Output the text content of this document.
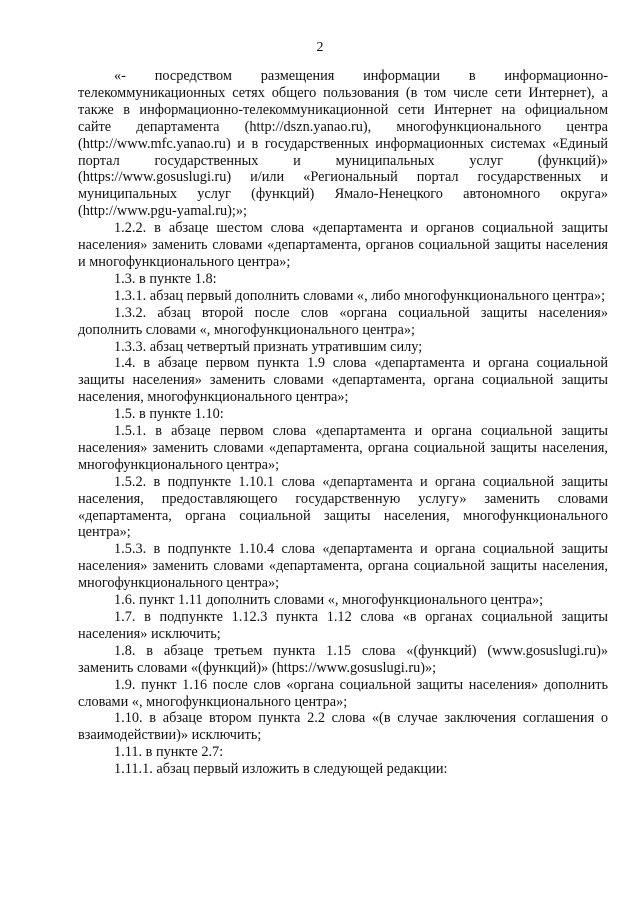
2

«- посредством размещения информации в информационно-телекоммуникационных сетях общего пользования (в том числе сети Интернет), а также в информационно-телекоммуникационной сети Интернет на официальном сайте департамента (http://dszn.yanao.ru), многофункционального центра (http://www.mfc.yanao.ru) и в государственных информационных системах «Единый портал государственных и муниципальных услуг (функций)» (https://www.gosuslugi.ru) и/или «Региональный портал государственных и муниципальных услуг (функций) Ямало-Ненецкого автономного округа» (http://www.pgu-yamal.ru);»;

1.2.2. в абзаце шестом слова «департамента и органов социальной защиты населения» заменить словами «департамента, органов социальной защиты населения и многофункционального центра»;

1.3. в пункте 1.8:

1.3.1. абзац первый дополнить словами «, либо многофункционального центра»;

1.3.2. абзац второй после слов «органа социальной защиты населения» дополнить словами «, многофункционального центра»;

1.3.3. абзац четвертый признать утратившим силу;

1.4. в абзаце первом пункта 1.9 слова «департамента и органа социальной защиты населения» заменить словами «департамента, органа социальной защиты населения, многофункционального центра»;

1.5. в пункте 1.10:

1.5.1. в абзаце первом слова «департамента и органа социальной защиты населения» заменить словами «департамента, органа социальной защиты населения, многофункционального центра»;

1.5.2. в подпункте 1.10.1 слова «департамента и органа социальной защиты населения, предоставляющего государственную услугу» заменить словами «департамента, органа социальной защиты населения, многофункционального центра»;

1.5.3. в подпункте 1.10.4 слова «департамента и органа социальной защиты населения» заменить словами «департамента, органа социальной защиты населения, многофункционального центра»;

1.6. пункт 1.11 дополнить словами «, многофункционального центра»;

1.7. в подпункте 1.12.3 пункта 1.12 слова «в органах социальной защиты населения» исключить;

1.8. в абзаце третьем пункта 1.15 слова «(функций) (www.gosuslugi.ru)» заменить словами «(функций)» (https://www.gosuslugi.ru)»;

1.9. пункт 1.16 после слов «органа социальной защиты населения» дополнить словами «, многофункционального центра»;

1.10. в абзаце втором пункта 2.2 слова «(в случае заключения соглашения о взаимодействии)» исключить;

1.11. в пункте 2.7:

1.11.1. абзац первый изложить в следующей редакции:
